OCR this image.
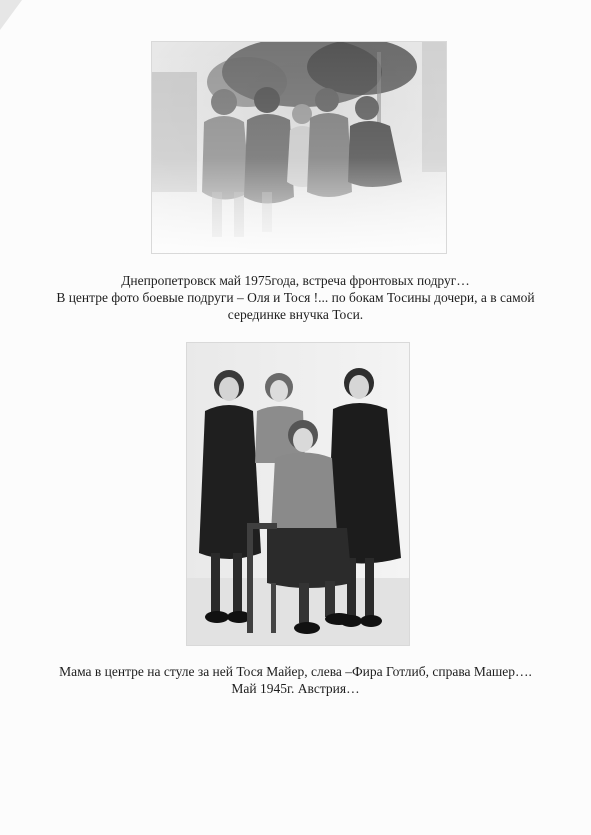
Днепропетровск май 1975года, встреча фронтовых подруг…
В центре фото боевые подруги – Оля и Тося !... по бокам Тосины дочери, а в самой
серединке внучка Тоси.
Мама в центре на стуле за ней Тося Майер, слева –Фира Готлиб, справа Машер….
Май 1945г. Австрия…
